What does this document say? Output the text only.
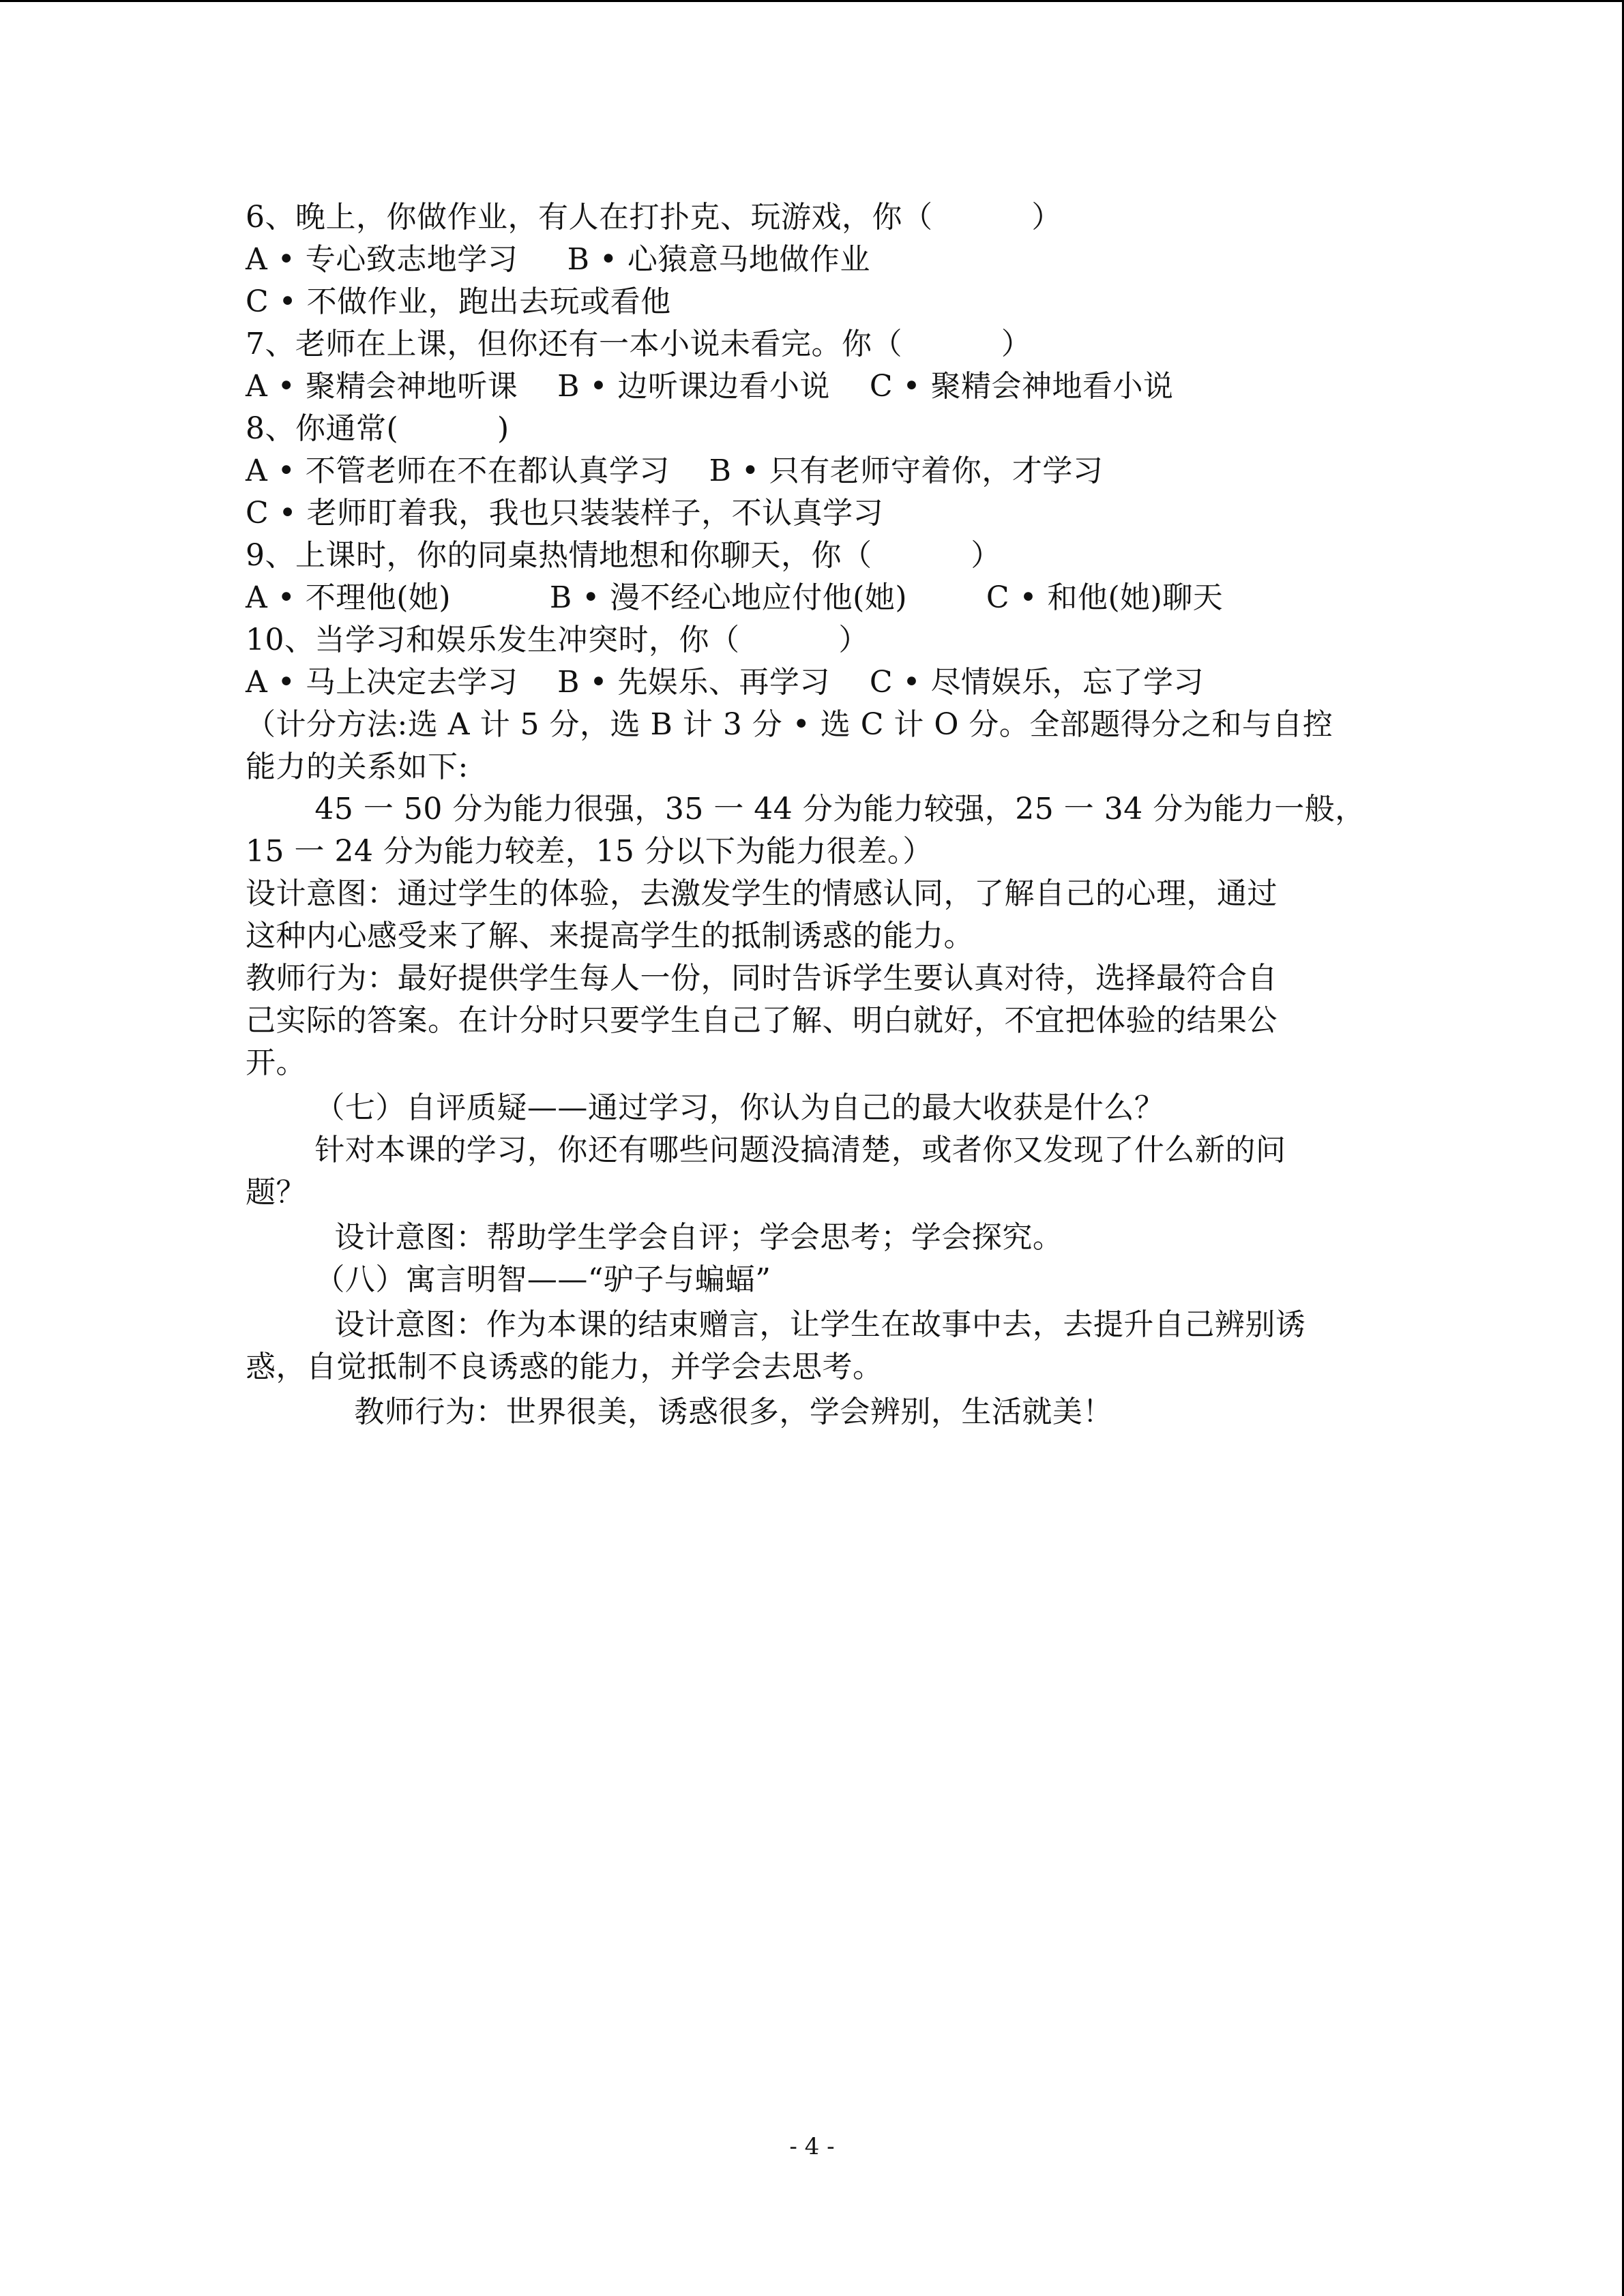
6、晚上，你做作业，有人在打扑克、玩游戏，你（          ）
A • 专心致志地学习     B • 心猿意马地做作业
C • 不做作业，跑出去玩或看他
7、老师在上课，但你还有一本小说未看完。你（          ）
A • 聚精会神地听课    B • 边听课边看小说    C • 聚精会神地看小说
8、你通常(          )
A • 不管老师在不在都认真学习    B • 只有老师守着你，才学习
C • 老师盯着我，我也只装装样子，不认真学习
9、上课时，你的同桌热情地想和你聊天，你（          ）
A • 不理他(她)          B • 漫不经心地应付他(她)        C • 和他(她)聊天
10、当学习和娱乐发生冲突时，你（          ）
A • 马上决定去学习    B • 先娱乐、再学习    C • 尽情娱乐，忘了学习
（计分方法:选 A 计 5 分，选 B 计 3 分 • 选 C 计 O 分。全部题得分之和与自控
能力的关系如下:
45 一 50 分为能力很强，35 一 44 分为能力较强，25 一 34 分为能力一般，
15 一 24 分为能力较差，15 分以下为能力很差。）
设计意图：通过学生的体验，去激发学生的情感认同，了解自己的心理，通过
这种内心感受来了解、来提高学生的抵制诱惑的能力。
教师行为：最好提供学生每人一份，同时告诉学生要认真对待，选择最符合自
己实际的答案。在计分时只要学生自己了解、明白就好，不宜把体验的结果公
开。
（七）自评质疑——通过学习，你认为自己的最大收获是什么？
针对本课的学习，你还有哪些问题没搞清楚，或者你又发现了什么新的问
题？
设计意图：帮助学生学会自评；学会思考；学会探究。
（八）寓言明智——“驴子与蝙蝠”
设计意图：作为本课的结束赠言，让学生在故事中去，去提升自己辨别诱
惑，自觉抵制不良诱惑的能力，并学会去思考。
教师行为：世界很美，诱惑很多，学会辨别，生活就美！
- 4 -
